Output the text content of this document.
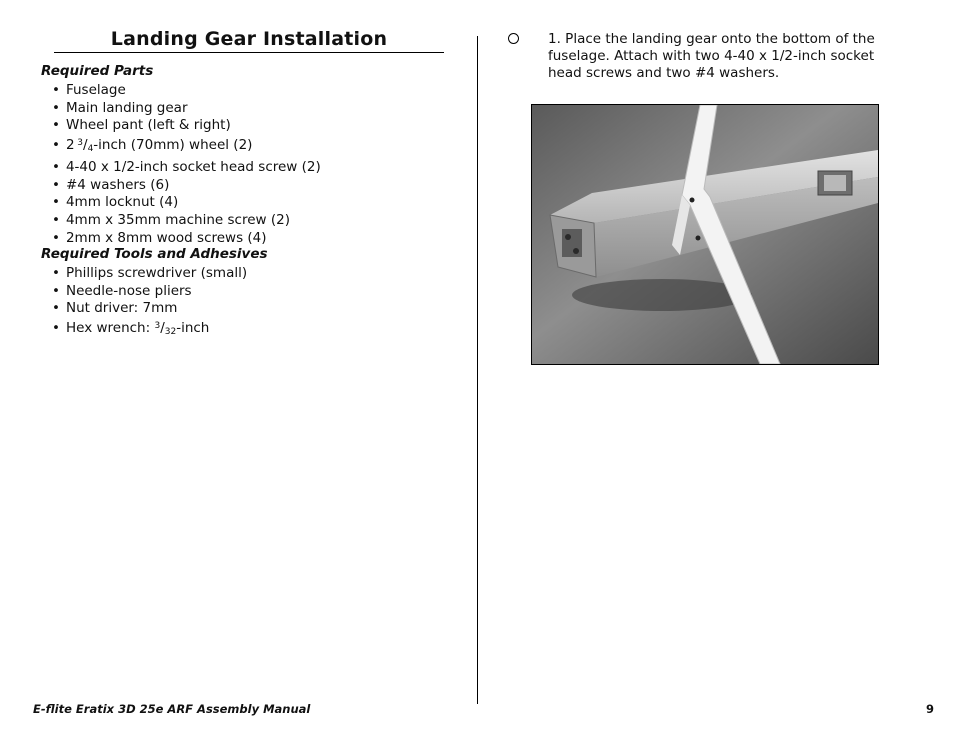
Landing Gear Installation
Required Parts
• Fuselage
• Main landing gear
• Wheel pant (left & right)
• 2  $^3/_4$-inch (70mm) wheel (2)
• 4-40 x 1/2-inch socket head screw (2)
• #4 washers (6)
• 4mm locknut (4)
• 4mm x 35mm machine screw (2)
• 2mm x 8mm wood screws (4)
Required Tools and Adhesives
• Phillips screwdriver (small)
• Needle-nose pliers
• Nut driver: 7mm
• Hex wrench: $^3/_{32}$-inch
1. Place the landing gear onto the bottom of the fuselage. Attach with two 4-40 x 1/2-inch socket head screws and two #4 washers.
E-flite Eratix 3D 25e ARF Assembly Manual	9
